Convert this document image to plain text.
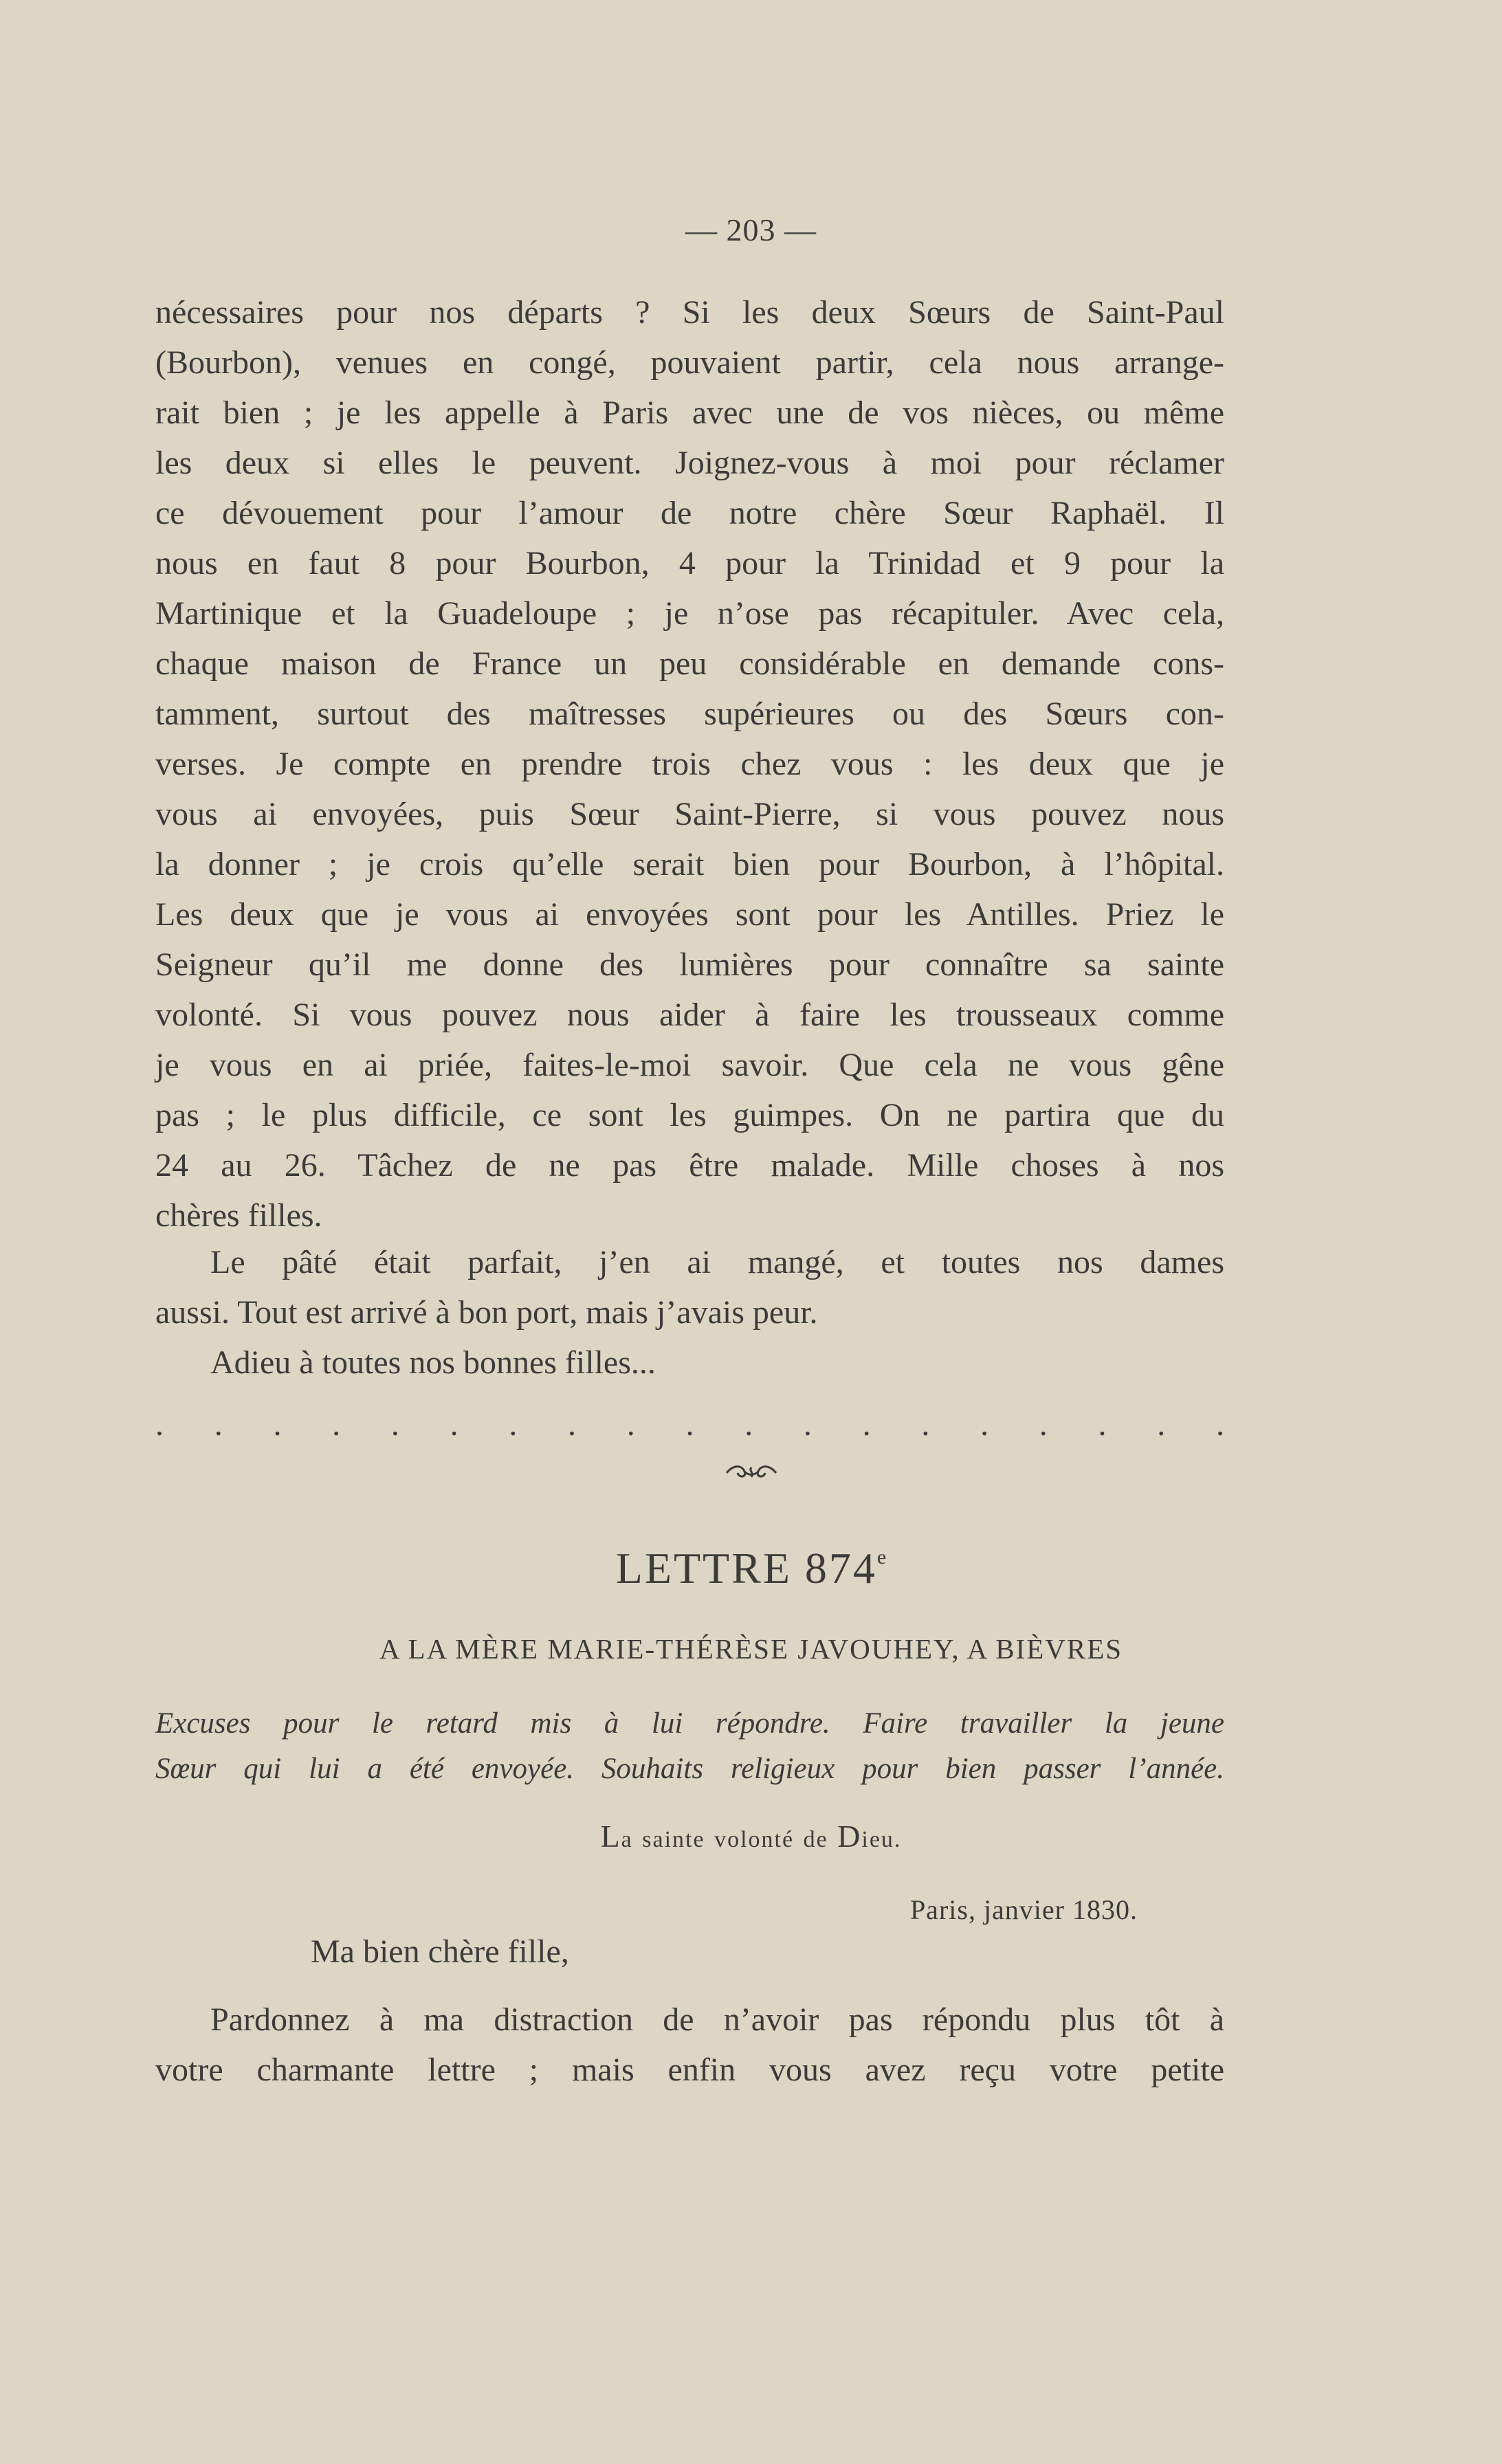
— 203 —
nécessaires pour nos départs ? Si les deux Sœurs de Saint-Paul
(Bourbon), venues en congé, pouvaient partir, cela nous arrange-
rait bien ; je les appelle à Paris avec une de vos nièces, ou même
les deux si elles le peuvent. Joignez-vous à moi pour réclamer
ce dévouement pour l’amour de notre chère Sœur Raphaël. Il
nous en faut 8 pour Bourbon, 4 pour la Trinidad et 9 pour la
Martinique et la Guadeloupe ; je n’ose pas récapituler. Avec cela,
chaque maison de France un peu considérable en demande cons-
tamment, surtout des maîtresses supérieures ou des Sœurs con-
verses. Je compte en prendre trois chez vous : les deux que je
vous ai envoyées, puis Sœur Saint-Pierre, si vous pouvez nous
la donner ; je crois qu’elle serait bien pour Bourbon, à l’hôpital.
Les deux que je vous ai envoyées sont pour les Antilles. Priez le
Seigneur qu’il me donne des lumières pour connaître sa sainte
volonté. Si vous pouvez nous aider à faire les trousseaux comme
je vous en ai priée, faites-le-moi savoir. Que cela ne vous gêne
pas ; le plus difficile, ce sont les guimpes. On ne partira que du
24 au 26. Tâchez de ne pas être malade. Mille choses à nos
chères filles.
Le pâté était parfait, j’en ai mangé, et toutes nos dames
aussi. Tout est arrivé à bon port, mais j’avais peur.
Adieu à toutes nos bonnes filles...
. . . . . . . . . . . . . . . . . . .
LETTRE 874e
A LA MÈRE MARIE-THÉRÈSE JAVOUHEY, A BIÈVRES
Excuses pour le retard mis à lui répondre. Faire travailler la jeune
Sœur qui lui a été envoyée. Souhaits religieux pour bien passer l’année.
La sainte volonté de Dieu.
Paris, janvier 1830.
Ma bien chère fille,
Pardonnez à ma distraction de n’avoir pas répondu plus tôt à
votre charmante lettre ; mais enfin vous avez reçu votre petite
